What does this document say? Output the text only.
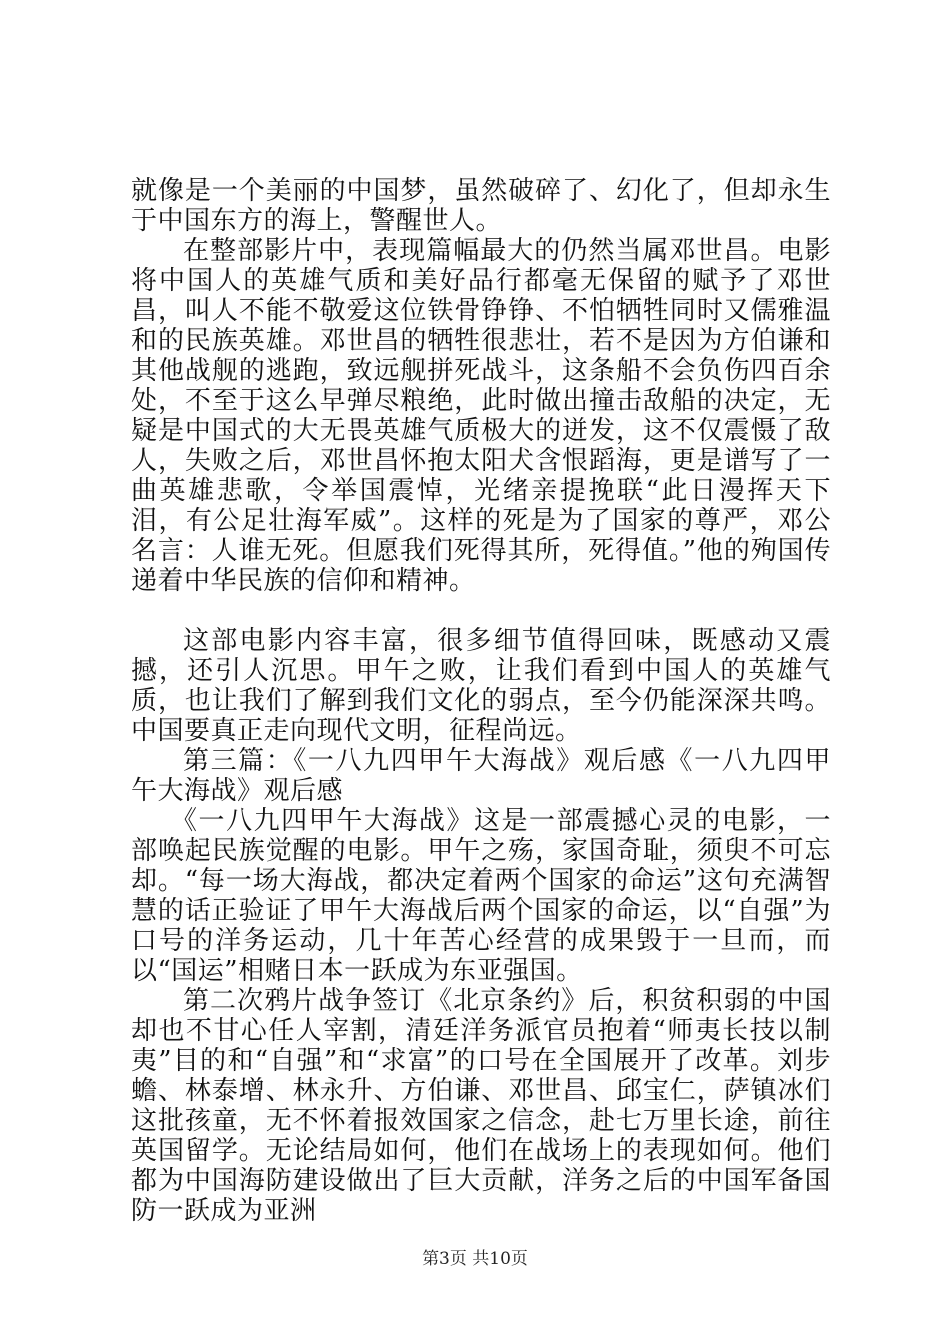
就像是一个美丽的中国梦，虽然破碎了、幻化了，但却永生于中国东方的海上，警醒世人。

在整部影片中，表现篇幅最大的仍然当属邓世昌。电影将中国人的英雄气质和美好品行都毫无保留的赋予了邓世昌，叫人不能不敬爱这位铁骨铮铮、不怕牺牲同时又儒雅温和的民族英雄。邓世昌的牺牲很悲壮，若不是因为方伯谦和其他战舰的逃跑，致远舰拼死战斗，这条船不会负伤四百余处，不至于这么早弹尽粮绝，此时做出撞击敌船的决定，无疑是中国式的大无畏英雄气质极大的迸发，这不仅震慑了敌人，失败之后，邓世昌怀抱太阳犬含恨蹈海，更是谱写了一曲英雄悲歌，令举国震悼，光绪亲提挽联“此日漫挥天下泪，有公足壮海军威”。这样的死是为了国家的尊严，邓公名言：人谁无死。但愿我们死得其所，死得值。”他的殉国传递着中华民族的信仰和精神。

这部电影内容丰富，很多细节值得回味，既感动又震撼，还引人沉思。甲午之败，让我们看到中国人的英雄气质，也让我们了解到我们文化的弱点，至今仍能深深共鸣。中国要真正走向现代文明，征程尚远。

第三篇：《一八九四甲午大海战》观后感《一八九四甲午大海战》观后感

《一八九四甲午大海战》这是一部震撼心灵的电影，一部唤起民族觉醒的电影。甲午之殇，家国奇耻，须臾不可忘却。“每一场大海战，都决定着两个国家的命运”这句充满智慧的话正验证了甲午大海战后两个国家的命运，以“自强”为口号的洋务运动，几十年苦心经营的成果毁于一旦而，而以“国运”相赌日本一跃成为东亚强国。

第二次鸦片战争签订《北京条约》后，积贫积弱的中国却也不甘心任人宰割，清廷洋务派官员抱着“师夷长技以制夷”目的和“自强”和“求富”的口号在全国展开了改革。刘步蟾、林泰增、林永升、方伯谦、邓世昌、邱宝仁，萨镇冰们这批孩童，无不怀着报效国家之信念，赴七万里长途，前往英国留学。无论结局如何，他们在战场上的表现如何。他们都为中国海防建设做出了巨大贡献，洋务之后的中国军备国防一跃成为亚洲

第3页 共10页
